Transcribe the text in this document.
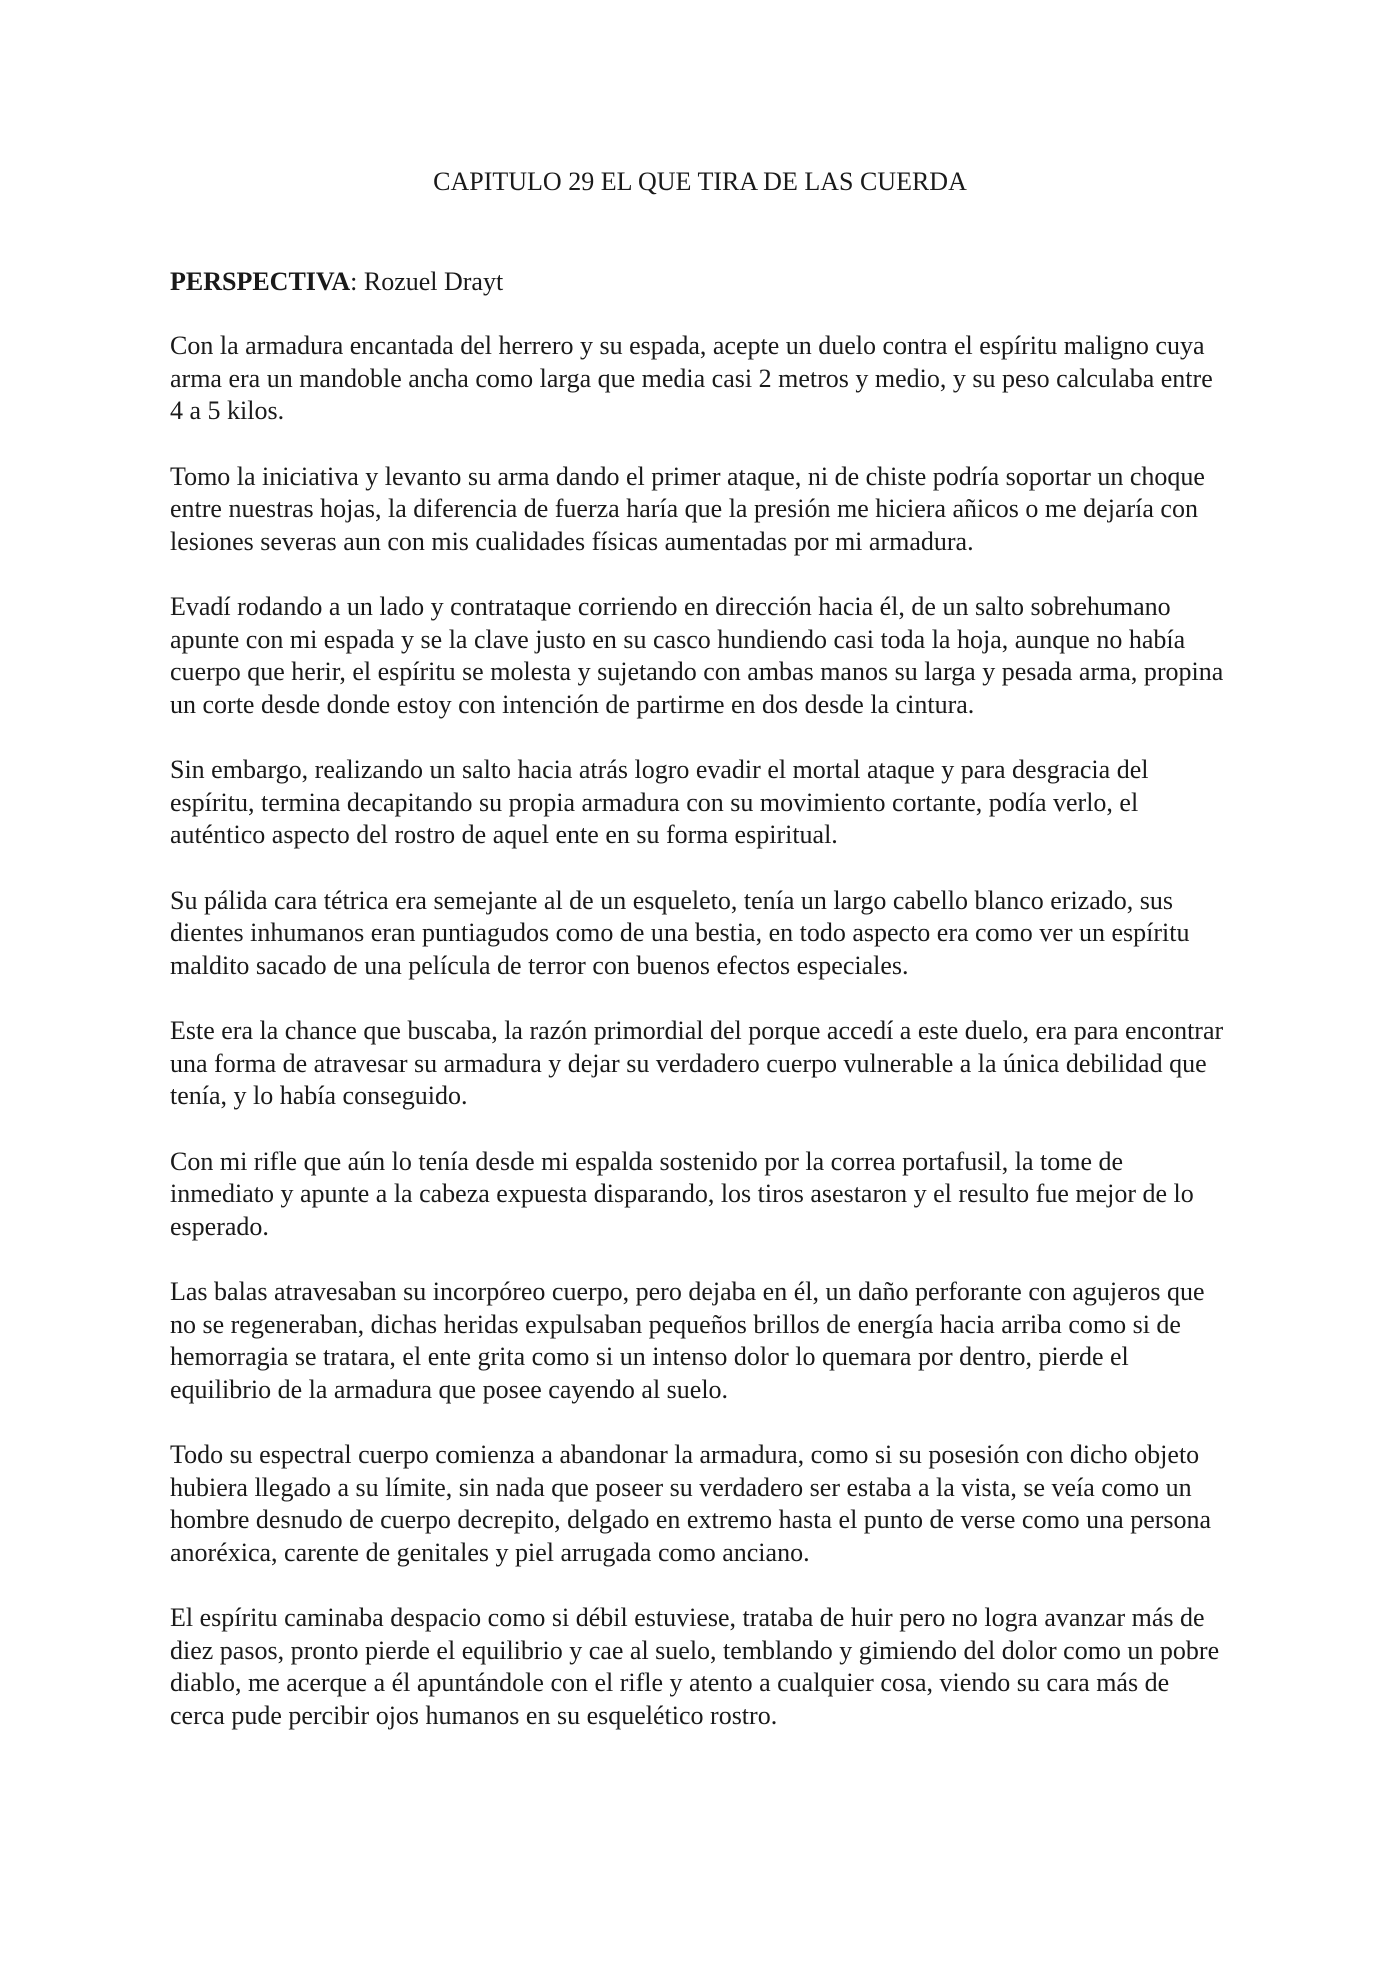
CAPITULO 29 EL QUE TIRA DE LAS CUERDA

PERSPECTIVA: Rozuel Drayt

Con la armadura encantada del herrero y su espada, acepte un duelo contra el espíritu maligno cuya arma era un mandoble ancha como larga que media casi 2 metros y medio, y su peso calculaba entre 4 a 5 kilos.

Tomo la iniciativa y levanto su arma dando el primer ataque, ni de chiste podría soportar un choque entre nuestras hojas, la diferencia de fuerza haría que la presión me hiciera añicos o me dejaría con lesiones severas aun con mis cualidades físicas aumentadas por mi armadura.

Evadí rodando a un lado y contrataque corriendo en dirección hacia él, de un salto sobrehumano apunte con mi espada y se la clave justo en su casco hundiendo casi toda la hoja, aunque no había cuerpo que herir, el espíritu se molesta y sujetando con ambas manos su larga y pesada arma, propina un corte desde donde estoy con intención de partirme en dos desde la cintura.

Sin embargo, realizando un salto hacia atrás logro evadir el mortal ataque y para desgracia del espíritu, termina decapitando su propia armadura con su movimiento cortante, podía verlo, el auténtico aspecto del rostro de aquel ente en su forma espiritual.

Su pálida cara tétrica era semejante al de un esqueleto, tenía un largo cabello blanco erizado, sus dientes inhumanos eran puntiagudos como de una bestia, en todo aspecto era como ver un espíritu maldito sacado de una película de terror con buenos efectos especiales.

Este era la chance que buscaba, la razón primordial del porque accedí a este duelo, era para encontrar una forma de atravesar su armadura y dejar su verdadero cuerpo vulnerable a la única debilidad que tenía, y lo había conseguido.

Con mi rifle que aún lo tenía desde mi espalda sostenido por la correa portafusil, la tome de inmediato y apunte a la cabeza expuesta disparando, los tiros asestaron y el resulto fue mejor de lo esperado.

Las balas atravesaban su incorpóreo cuerpo, pero dejaba en él, un daño perforante con agujeros que no se regeneraban, dichas heridas expulsaban pequeños brillos de energía hacia arriba como si de hemorragia se tratara, el ente grita como si un intenso dolor lo quemara por dentro, pierde el equilibrio de la armadura que posee cayendo al suelo.

Todo su espectral cuerpo comienza a abandonar la armadura, como si su posesión con dicho objeto hubiera llegado a su límite, sin nada que poseer su verdadero ser estaba a la vista, se veía como un hombre desnudo de cuerpo decrepito, delgado en extremo hasta el punto de verse como una persona anoréxica, carente de genitales y piel arrugada como anciano.

El espíritu caminaba despacio como si débil estuviese, trataba de huir pero no logra avanzar más de diez pasos, pronto pierde el equilibrio y cae al suelo, temblando y gimiendo del dolor como un pobre diablo, me acerque a él apuntándole con el rifle y atento a cualquier cosa, viendo su cara más de cerca pude percibir ojos humanos en su esquelético rostro.
